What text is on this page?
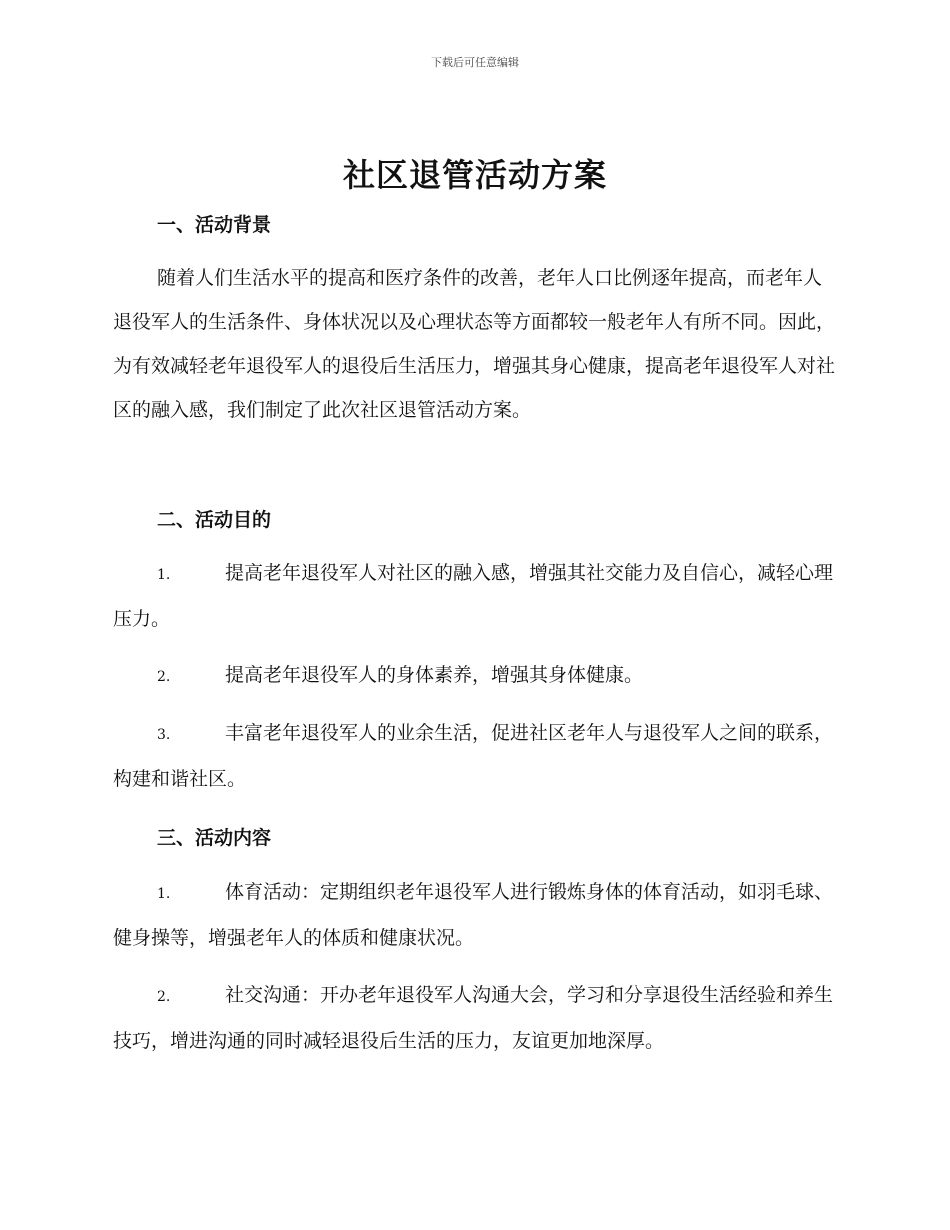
下载后可任意编辑
社区退管活动方案
一、活动背景

随着人们生活水平的提高和医疗条件的改善，老年人口比例逐年提高，而老年人退役军人的生活条件、身体状况以及心理状态等方面都较一般老年人有所不同。因此，为有效减轻老年退役军人的退役后生活压力，增强其身心健康，提高老年退役军人对社区的融入感，我们制定了此次社区退管活动方案。

二、活动目的

1.	提高老年退役军人对社区的融入感，增强其社交能力及自信心，减轻心理压力。

2.	提高老年退役军人的身体素养，增强其身体健康。

3.	丰富老年退役军人的业余生活，促进社区老年人与退役军人之间的联系，构建和谐社区。

三、活动内容

1.	体育活动：定期组织老年退役军人进行锻炼身体的体育活动，如羽毛球、健身操等，增强老年人的体质和健康状况。

2.	社交沟通：开办老年退役军人沟通大会，学习和分享退役生活经验和养生技巧，增进沟通的同时减轻退役后生活的压力，友谊更加地深厚。
